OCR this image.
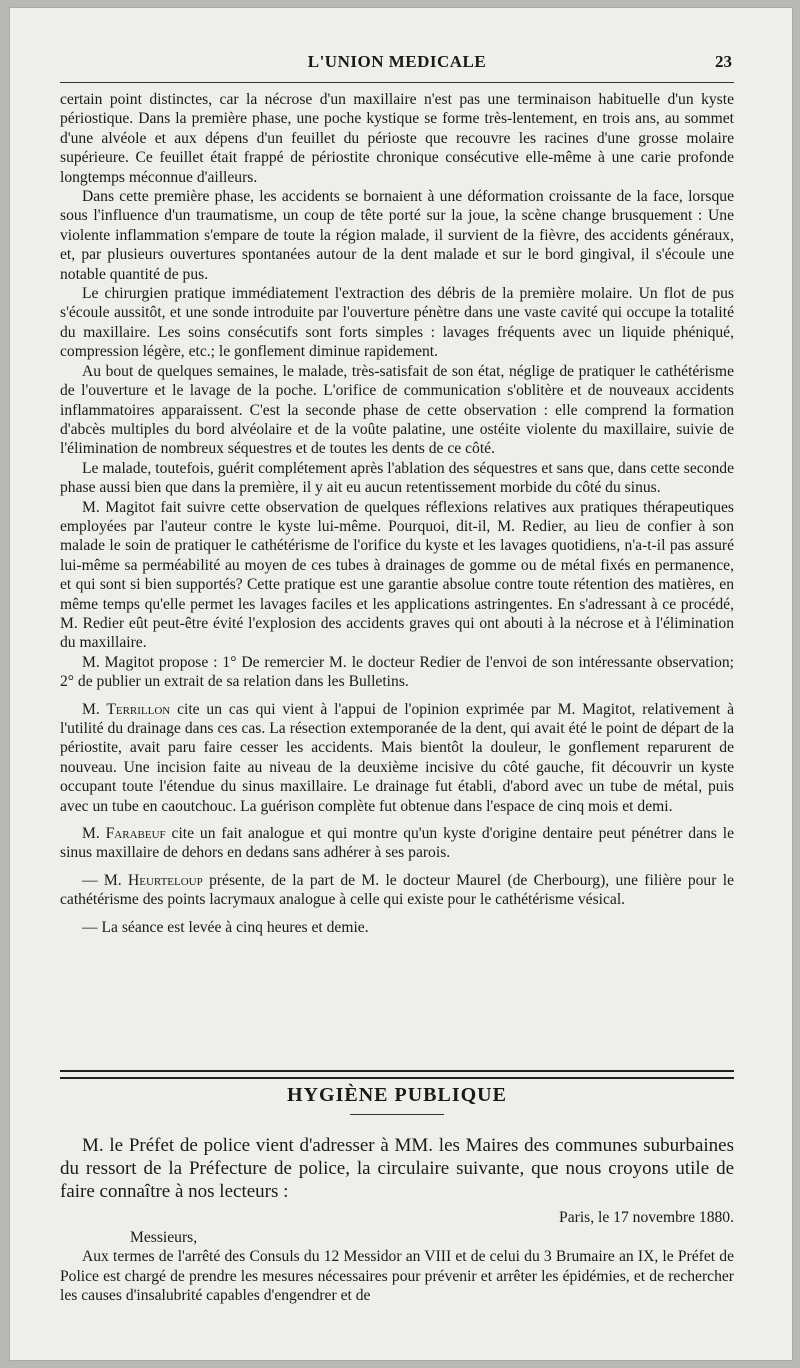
L'UNION MEDICALE	23

certain point distinctes, car la nécrose d'un maxillaire n'est pas une terminaison habituelle d'un kyste périostique. Dans la première phase, une poche kystique se forme très-lentement, en trois ans, au sommet d'une alvéole et aux dépens d'un feuillet du périoste que recouvre les racines d'une grosse molaire supérieure. Ce feuillet était frappé de périostite chronique consécutive elle-même à une carie profonde longtemps méconnue d'ailleurs.

Dans cette première phase, les accidents se bornaient à une déformation croissante de la face, lorsque sous l'influence d'un traumatisme, un coup de tête porté sur la joue, la scène change brusquement : Une violente inflammation s'empare de toute la région malade, il survient de la fièvre, des accidents généraux, et, par plusieurs ouvertures spontanées autour de la dent malade et sur le bord gingival, il s'écoule une notable quantité de pus.

Le chirurgien pratique immédiatement l'extraction des débris de la première molaire. Un flot de pus s'écoule aussitôt, et une sonde introduite par l'ouverture pénètre dans une vaste cavité qui occupe la totalité du maxillaire. Les soins consécutifs sont forts simples : lavages fréquents avec un liquide phéniqué, compression légère, etc.; le gonflement diminue rapidement.

Au bout de quelques semaines, le malade, très-satisfait de son état, néglige de pratiquer le cathétérisme de l'ouverture et le lavage de la poche. L'orifice de communication s'oblitère et de nouveaux accidents inflammatoires apparaissent. C'est la seconde phase de cette observation : elle comprend la formation d'abcès multiples du bord alvéolaire et de la voûte palatine, une ostéite violente du maxillaire, suivie de l'élimination de nombreux séquestres et de toutes les dents de ce côté.

Le malade, toutefois, guérit complétement après l'ablation des séquestres et sans que, dans cette seconde phase aussi bien que dans la première, il y ait eu aucun retentissement morbide du côté du sinus.

M. Magitot fait suivre cette observation de quelques réflexions relatives aux pratiques thérapeutiques employées par l'auteur contre le kyste lui-même. Pourquoi, dit-il, M. Redier, au lieu de confier à son malade le soin de pratiquer le cathétérisme de l'orifice du kyste et les lavages quotidiens, n'a-t-il pas assuré lui-même sa perméabilité au moyen de ces tubes à drainages de gomme ou de métal fixés en permanence, et qui sont si bien supportés? Cette pratique est une garantie absolue contre toute rétention des matières, en même temps qu'elle permet les lavages faciles et les applications astringentes. En s'adressant à ce procédé, M. Redier eût peut-être évité l'explosion des accidents graves qui ont abouti à la nécrose et à l'élimination du maxillaire.

M. Magitot propose : 1° De remercier M. le docteur Redier de l'envoi de son intéressante observation; 2° de publier un extrait de sa relation dans les Bulletins.

M. Terrillon cite un cas qui vient à l'appui de l'opinion exprimée par M. Magitot, relativement à l'utilité du drainage dans ces cas. La résection extemporanée de la dent, qui avait été le point de départ de la périostite, avait paru faire cesser les accidents. Mais bientôt la douleur, le gonflement reparurent de nouveau. Une incision faite au niveau de la deuxième incisive du côté gauche, fit découvrir un kyste occupant toute l'étendue du sinus maxillaire. Le drainage fut établi, d'abord avec un tube de métal, puis avec un tube en caoutchouc. La guérison complète fut obtenue dans l'espace de cinq mois et demi.

M. Farabeuf cite un fait analogue et qui montre qu'un kyste d'origine dentaire peut pénétrer dans le sinus maxillaire de dehors en dedans sans adhérer à ses parois.

— M. Heurteloup présente, de la part de M. le docteur Maurel (de Cherbourg), une filière pour le cathétérisme des points lacrymaux analogue à celle qui existe pour le cathétérisme vésical.

— La séance est levée à cinq heures et demie.

HYGIÈNE PUBLIQUE

M. le Préfet de police vient d'adresser à MM. les Maires des communes suburbaines du ressort de la Préfecture de police, la circulaire suivante, que nous croyons utile de faire connaître à nos lecteurs :

Paris, le 17 novembre 1880.

Messieurs,

Aux termes de l'arrêté des Consuls du 12 Messidor an VIII et de celui du 3 Brumaire an IX, le Préfet de Police est chargé de prendre les mesures nécessaires pour prévenir et arrêter les épidémies, et de rechercher les causes d'insalubrité capables d'engendrer et de
